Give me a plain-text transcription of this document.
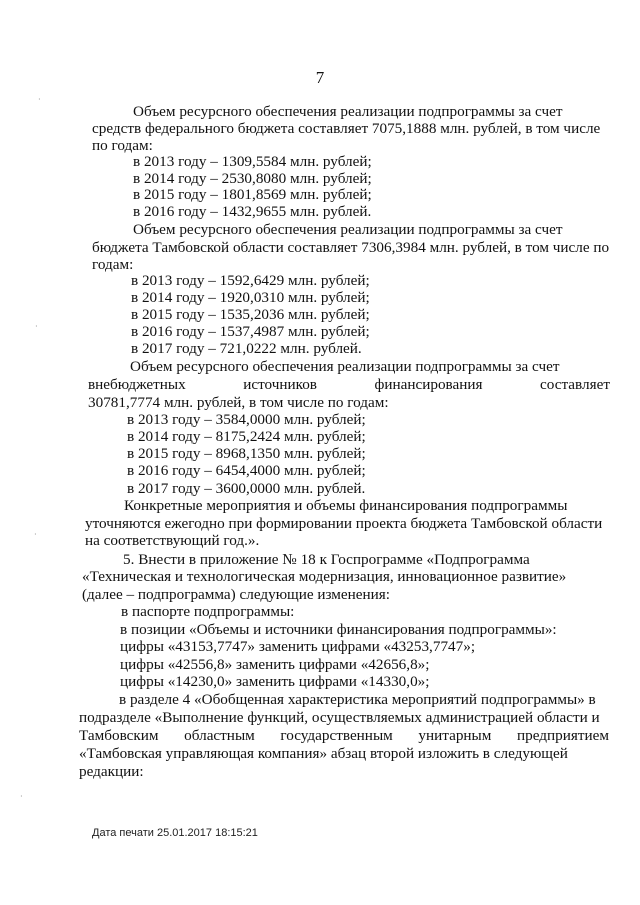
7
Объем ресурсного обеспечения реализации подпрограммы за счет
средств федерального бюджета составляет 7075,1888 млн. рублей, в том числе
по годам:
в 2013 году – 1309,5584 млн. рублей;
в 2014 году – 2530,8080 млн. рублей;
в 2015 году – 1801,8569 млн. рублей;
в 2016 году – 1432,9655 млн. рублей.
Объем ресурсного обеспечения реализации подпрограммы за счет
бюджета Тамбовской области составляет 7306,3984 млн. рублей, в том числе по
годам:
в 2013 году – 1592,6429 млн. рублей;
в 2014 году – 1920,0310 млн. рублей;
в 2015 году – 1535,2036 млн. рублей;
в 2016 году – 1537,4987 млн. рублей;
в 2017 году – 721,0222 млн. рублей.
Объем ресурсного обеспечения реализации подпрограммы за счет
внебюджетных	источников	финансирования	составляет
30781,7774 млн. рублей, в том числе по годам:
в 2013 году – 3584,0000 млн. рублей;
в 2014 году – 8175,2424 млн. рублей;
в 2015 году – 8968,1350 млн. рублей;
в 2016 году – 6454,4000 млн. рублей;
в 2017 году – 3600,0000 млн. рублей.
Конкретные мероприятия и объемы финансирования подпрограммы
уточняются ежегодно при формировании проекта бюджета Тамбовской области
на соответствующий год.».
5. Внести в приложение № 18 к Госпрограмме «Подпрограмма
«Техническая и технологическая модернизация, инновационное развитие»
(далее – подпрограмма) следующие изменения:
в паспорте подпрограммы:
в позиции «Объемы и источники финансирования подпрограммы»:
цифры «43153,7747» заменить цифрами «43253,7747»;
цифры «42556,8» заменить цифрами «42656,8»;
цифры «14230,0» заменить цифрами «14330,0»;
в разделе 4 «Обобщенная характеристика мероприятий подпрограммы» в
подразделе «Выполнение функций, осуществляемых администрацией области и
Тамбовским областным государственным унитарным предприятием
«Тамбовская управляющая компания» абзац второй изложить в следующей
редакции:
·
·
·
·
Дата печати 25.01.2017 18:15:21
